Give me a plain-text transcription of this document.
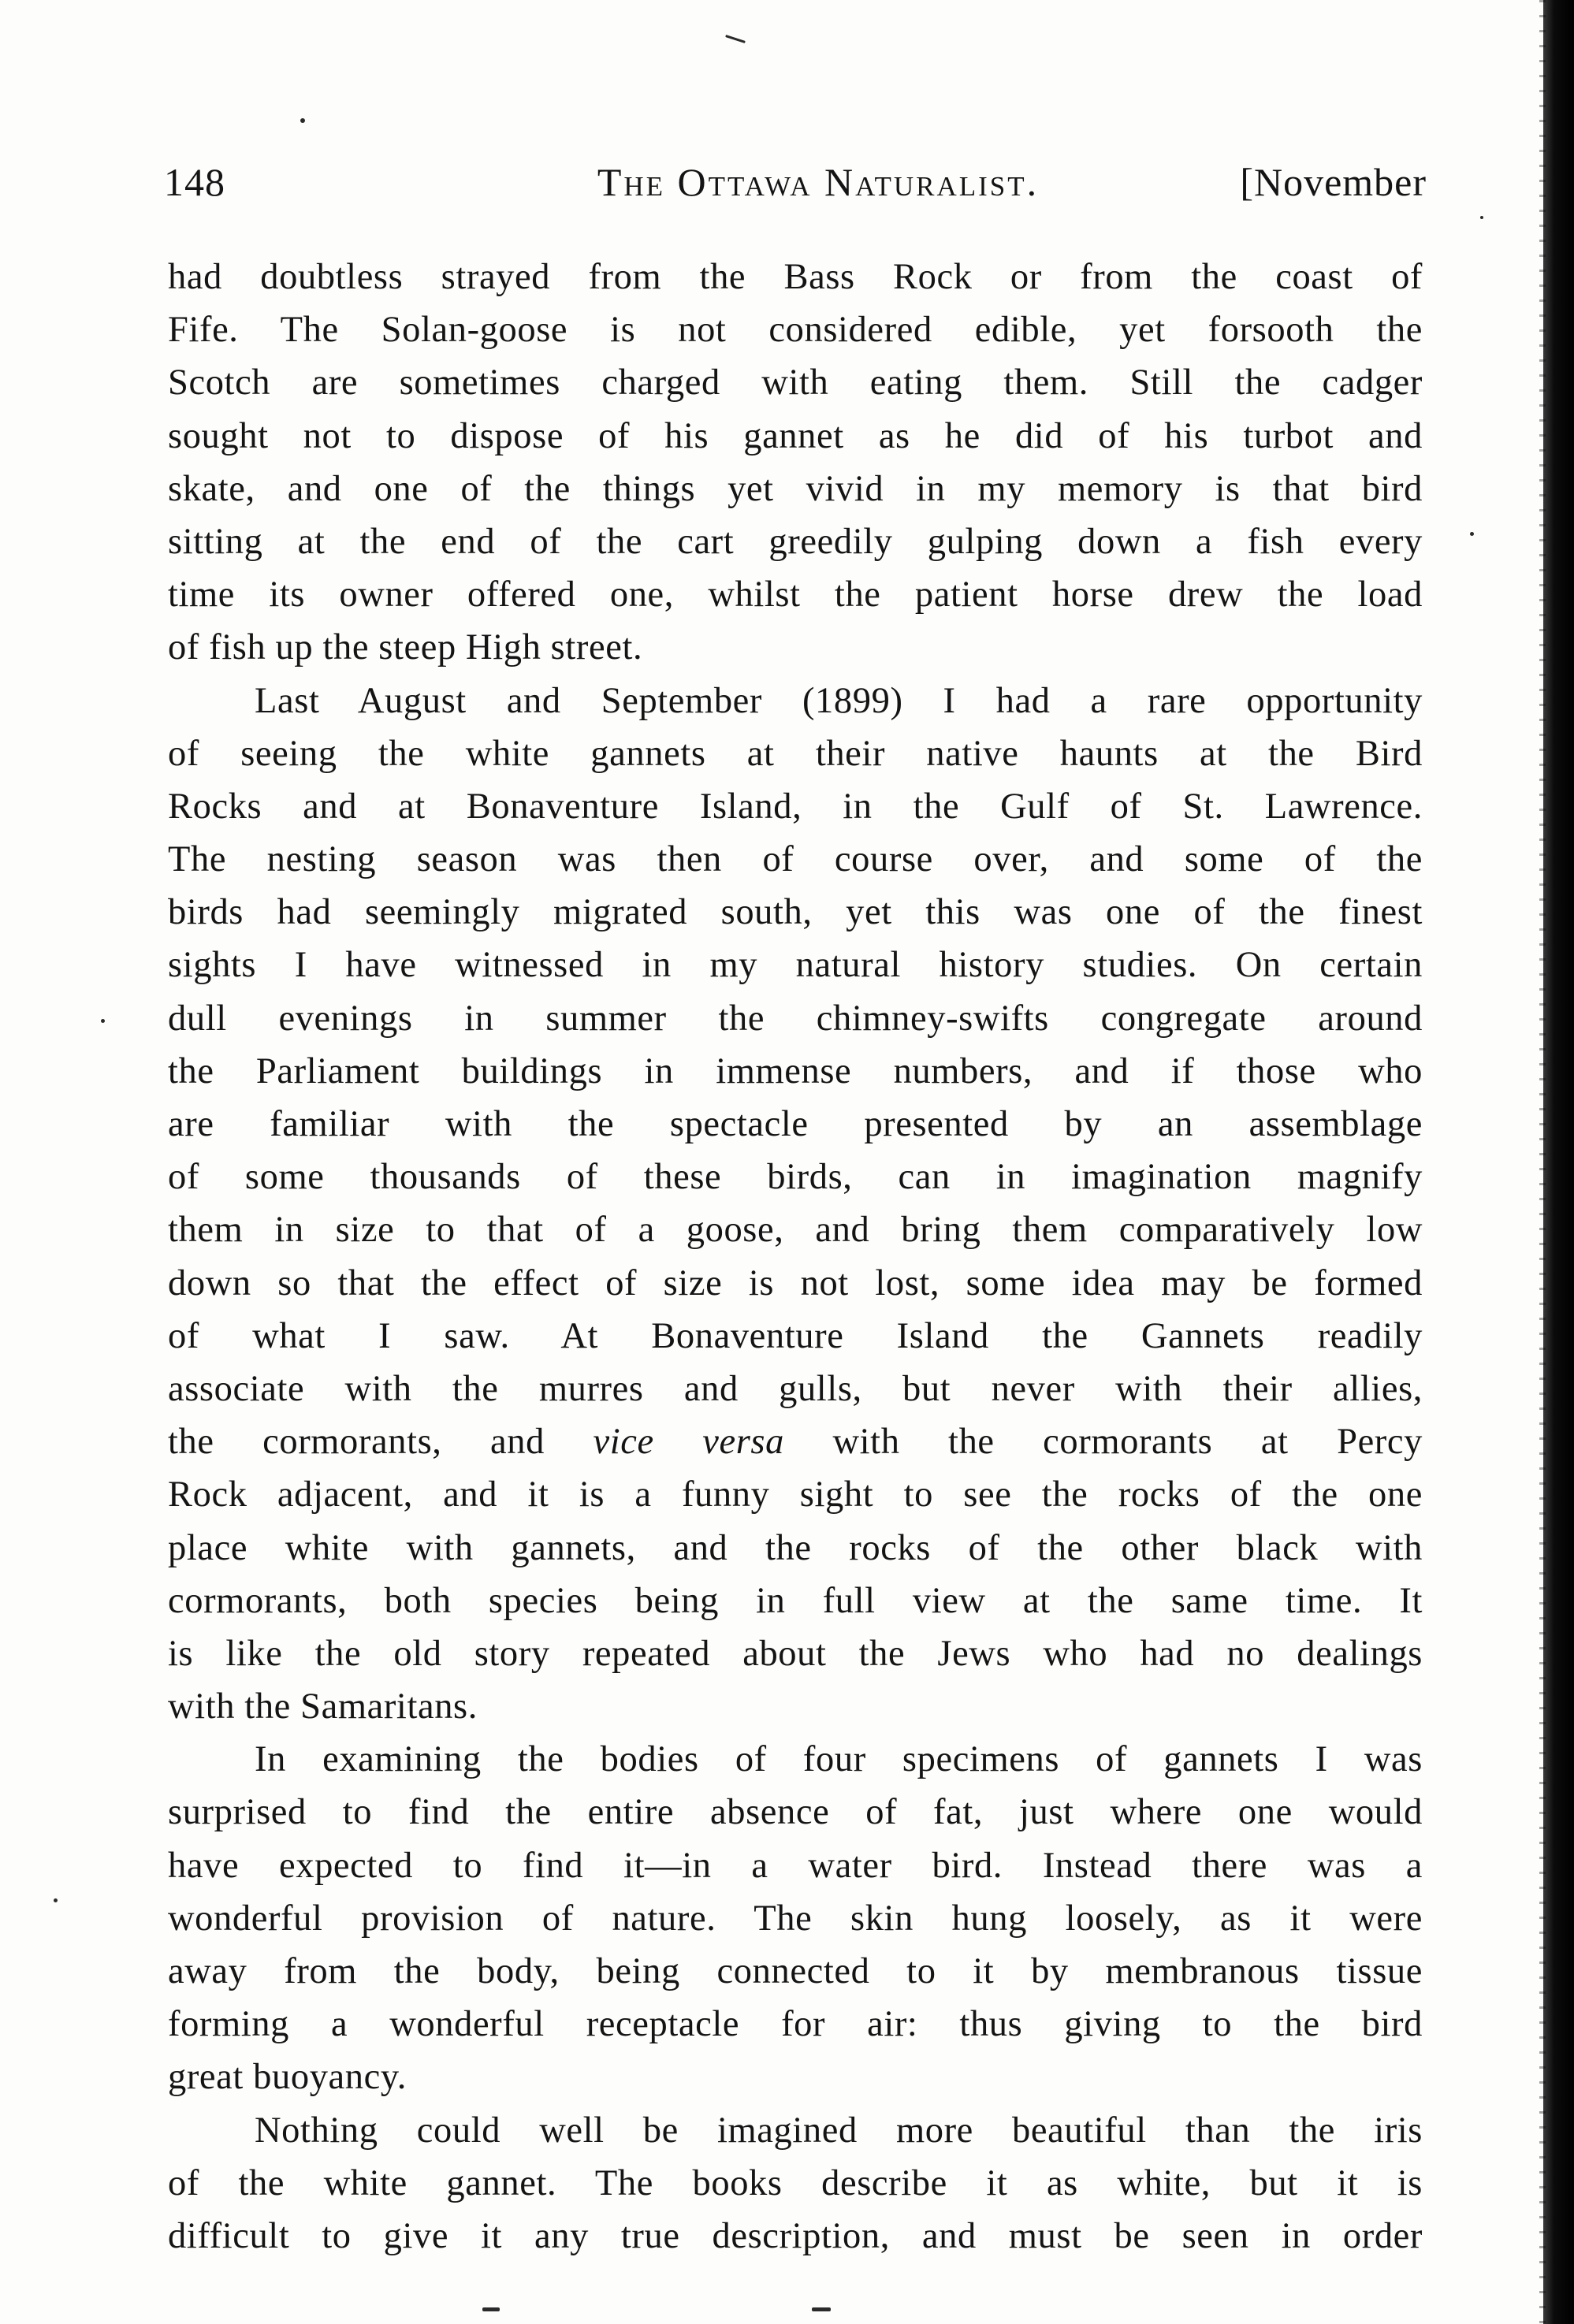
148	The Ottawa Naturalist.	[November
had doubtless strayed from the Bass Rock or from the coast of
Fife. The Solan-goose is not considered edible, yet forsooth the
Scotch are sometimes charged with eating them. Still the cadger
sought not to dispose of his gannet as he did of his turbot and
skate, and one of the things yet vivid in my memory is that bird
sitting at the end of the cart greedily gulping down a fish every
time its owner offered one, whilst the patient horse drew the load
of fish up the steep High street.
Last August and September (1899) I had a rare opportunity
of seeing the white gannets at their native haunts at the Bird
Rocks and at Bonaventure Island, in the Gulf of St. Lawrence.
The nesting season was then of course over, and some of the
birds had seemingly migrated south, yet this was one of the finest
sights I have witnessed in my natural history studies. On certain
dull evenings in summer the chimney-swifts congregate around
the Parliament buildings in immense numbers, and if those who
are familiar with the spectacle presented by an assemblage
of some thousands of these birds, can in imagination magnify
them in size to that of a goose, and bring them comparatively low
down so that the effect of size is not lost, some idea may be formed
of what I saw. At Bonaventure Island the Gannets readily
associate with the murres and gulls, but never with their allies,
the cormorants, and vice versa with the cormorants at Percy
Rock adjacent, and it is a funny sight to see the rocks of the one
place white with gannets, and the rocks of the other black with
cormorants, both species being in full view at the same time. It
is like the old story repeated about the Jews who had no dealings
with the Samaritans.
In examining the bodies of four specimens of gannets I was
surprised to find the entire absence of fat, just where one would
have expected to find it—in a water bird. Instead there was a
wonderful provision of nature. The skin hung loosely, as it were
away from the body, being connected to it by membranous tissue
forming a wonderful receptacle for air: thus giving to the bird
great buoyancy.
Nothing could well be imagined more beautiful than the iris
of the white gannet. The books describe it as white, but it is
difficult to give it any true description, and must be seen in order
